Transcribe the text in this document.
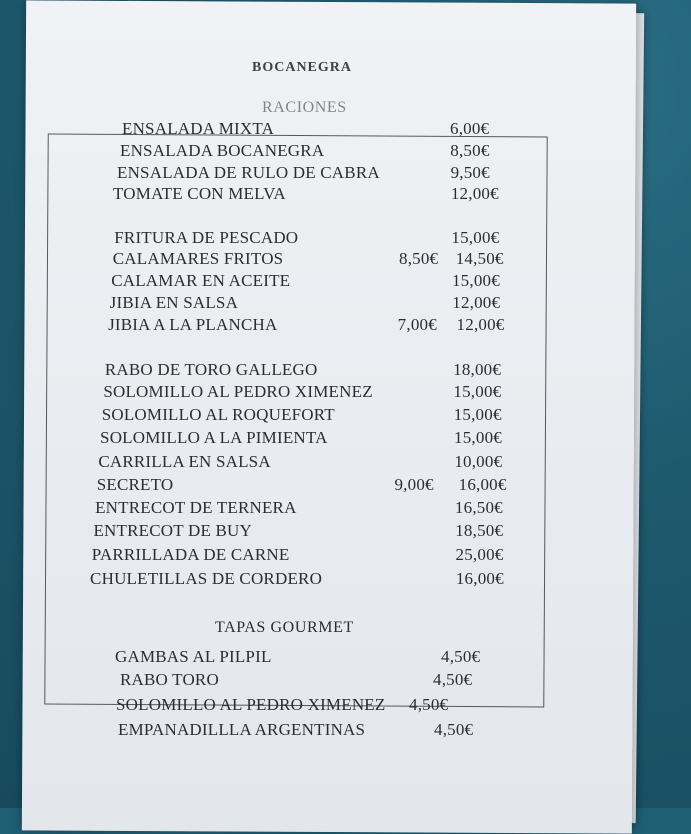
BOCANEGRA
RACIONES
ENSALADA MIXTA	6,00€
ENSALADA BOCANEGRA	8,50€
ENSALADA DE RULO DE CABRA	9,50€
TOMATE CON MELVA	12,00€
FRITURA DE PESCADO	15,00€
CALAMARES FRITOS	8,50€ 14,50€
CALAMAR EN ACEITE	15,00€
JIBIA EN SALSA	12,00€
JIBIA A LA PLANCHA	7,00€ 12,00€
RABO DE TORO GALLEGO	18,00€
SOLOMILLO AL PEDRO XIMENEZ	15,00€
SOLOMILLO AL ROQUEFORT	15,00€
SOLOMILLO A LA PIMIENTA	15,00€
CARRILLA EN SALSA	10,00€
SECRETO	9,00€ 16,00€
ENTRECOT DE TERNERA	16,50€
ENTRECOT DE BUY	18,50€
PARRILLADA DE CARNE	25,00€
CHULETILLAS DE CORDERO	16,00€
TAPAS GOURMET
GAMBAS AL PILPIL	4,50€
RABO TORO	4,50€
SOLOMILLO AL PEDRO XIMENEZ 4,50€
EMPANADILLLA ARGENTINAS	4,50€
